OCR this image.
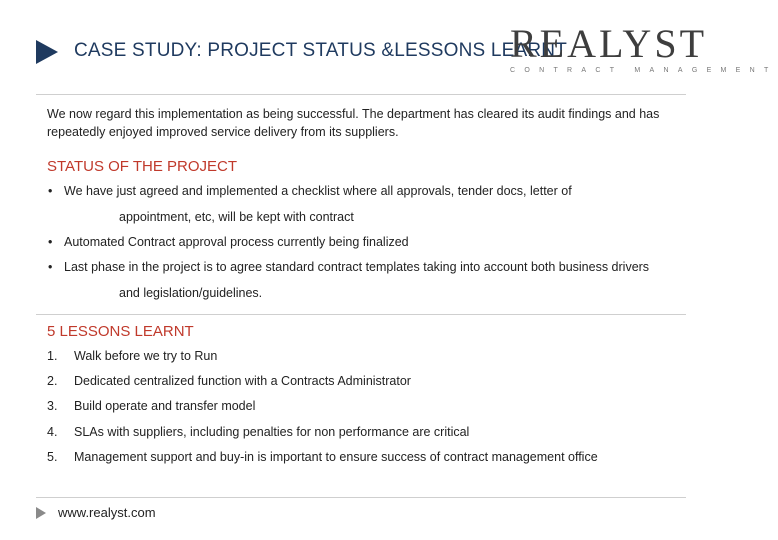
CASE STUDY: PROJECT STATUS &LESSONS LEARNT
REALYST
CONTRACT MANAGEMENT
We now regard this implementation as being successful. The department has cleared its audit findings and has repeatedly enjoyed improved service delivery from its suppliers.
STATUS OF THE PROJECT
• We have just agreed and implemented a checklist where all approvals, tender docs, letter of
appointment, etc, will be kept with contract
• Automated Contract approval process currently being finalized
• Last phase in the project is to agree standard contract templates taking into account both business drivers
and legislation/guidelines.
5 LESSONS LEARNT
1. Walk before we try to Run
2. Dedicated centralized function with a Contracts Administrator
3. Build operate and transfer model
4. SLAs with suppliers, including penalties for non performance are critical
5. Management support and buy-in is important to ensure success of contract management office
www.realyst.com
